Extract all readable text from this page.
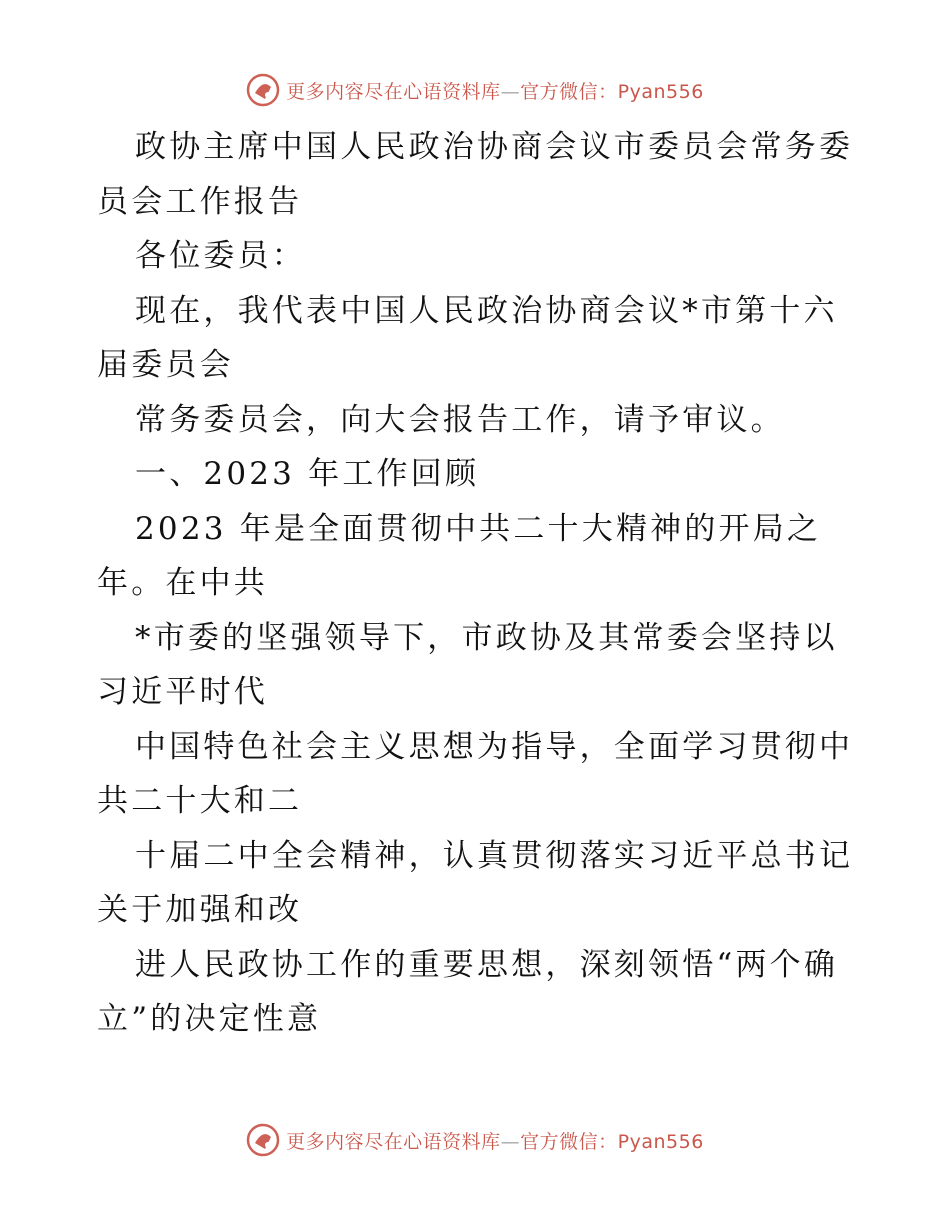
更多内容尽在心语资料库—官方微信：Pyan556
政协主席中国人民政治协商会议市委员会常务委
员会工作报告
各位委员：
现在，我代表中国人民政治协商会议*市第十六
届委员会
常务委员会，向大会报告工作，请予审议。
一、2023 年工作回顾
2023 年是全面贯彻中共二十大精神的开局之
年。在中共
*市委的坚强领导下，市政协及其常委会坚持以
习近平时代
中国特色社会主义思想为指导，全面学习贯彻中
共二十大和二
十届二中全会精神，认真贯彻落实习近平总书记
关于加强和改
进人民政协工作的重要思想，深刻领悟“两个确
立”的决定性意
更多内容尽在心语资料库—官方微信：Pyan556
